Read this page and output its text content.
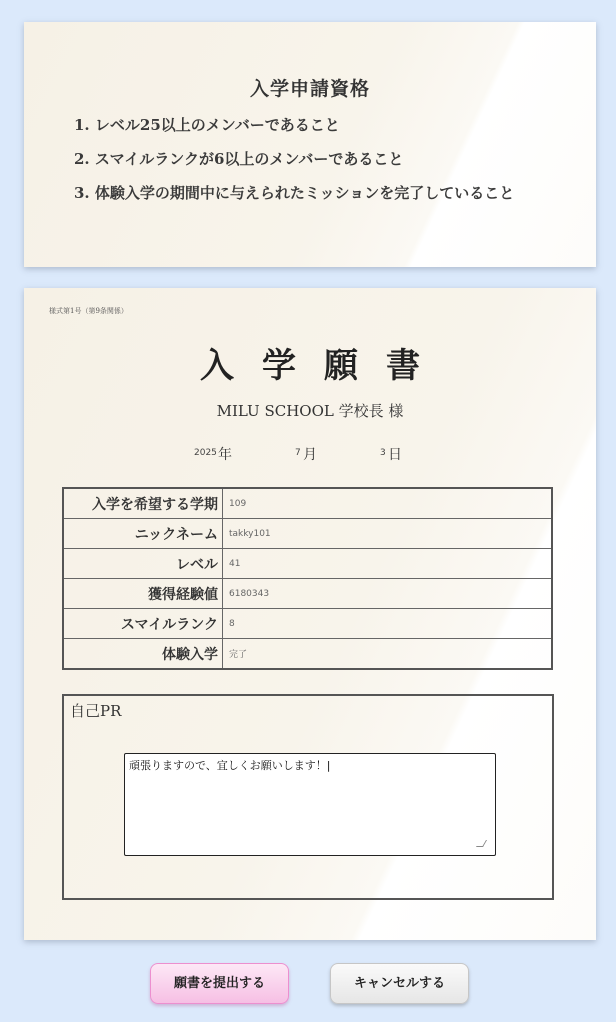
入学申請資格
1. レベル25以上のメンバーであること
2. スマイルランクが6以上のメンバーであること
3. 体験入学の期間中に与えられたミッションを完了していること
様式第1号（第9条関係）
入学願書
MILU SCHOOL 学校長 様
2025 年	7 月	3 日
入学を希望する学期	109
ニックネーム	takky101
レベル	41
獲得経験値	6180343
スマイルランク	8
体験入学	完了
自己PR
頑張りますので、宜しくお願いします！|
願書を提出する	キャンセルする
